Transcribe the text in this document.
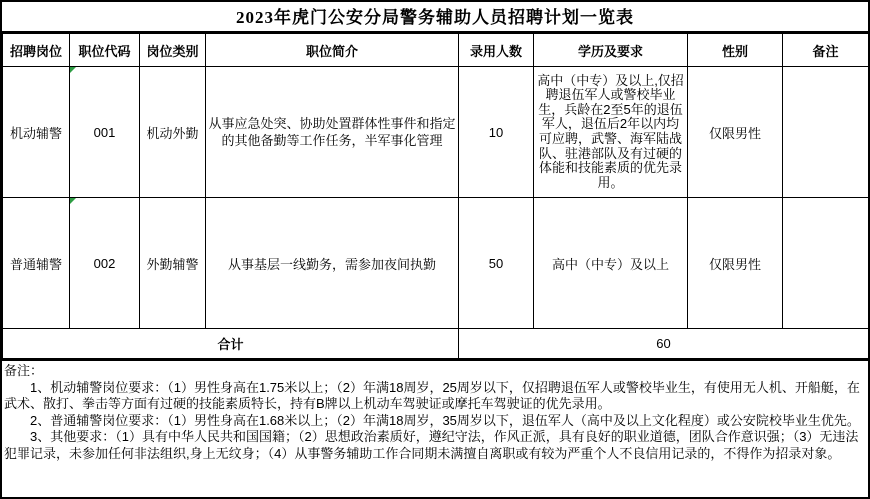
2023年虎门公安分局警务辅助人员招聘计划一览表
招聘岗位	职位代码	岗位类别	职位简介	录用人数	学历及要求	性别	备注
机动辅警	001	机动外勤	从事应急处突、协助处置群体性事件和指定的其他备勤等工作任务，半军事化管理	10	高中（中专）及以上,仅招聘退伍军人或警校毕业生，兵龄在2至5年的退伍军人，退伍后2年以内均可应聘，武警、海军陆战队、驻港部队及有过硬的体能和技能素质的优先录用。	仅限男性	
普通辅警	002	外勤辅警	从事基层一线勤务，需参加夜间执勤	50	高中（中专）及以上	仅限男性	
合计				60			

备注：

1、机动辅警岗位要求：（1）男性身高在1.75米以上；（2）年满18周岁，25周岁以下，仅招聘退伍军人或警校毕业生，有使用无人机、开船艇，在武术、散打、拳击等方面有过硬的技能素质特长，持有B牌以上机动车驾驶证或摩托车驾驶证的优先录用。

2、普通辅警岗位要求：（1）男性身高在1.68米以上；（2）年满18周岁，35周岁以下，退伍军人（高中及以上文化程度）或公安院校毕业生优先。

3、其他要求：（1）具有中华人民共和国国籍；（2）思想政治素质好，遵纪守法，作风正派，具有良好的职业道德，团队合作意识强；（3）无违法犯罪记录，未参加任何非法组织,身上无纹身；（4）从事警务辅助工作合同期未满擅自离职或有较为严重个人不良信用记录的，不得作为招录对象。
